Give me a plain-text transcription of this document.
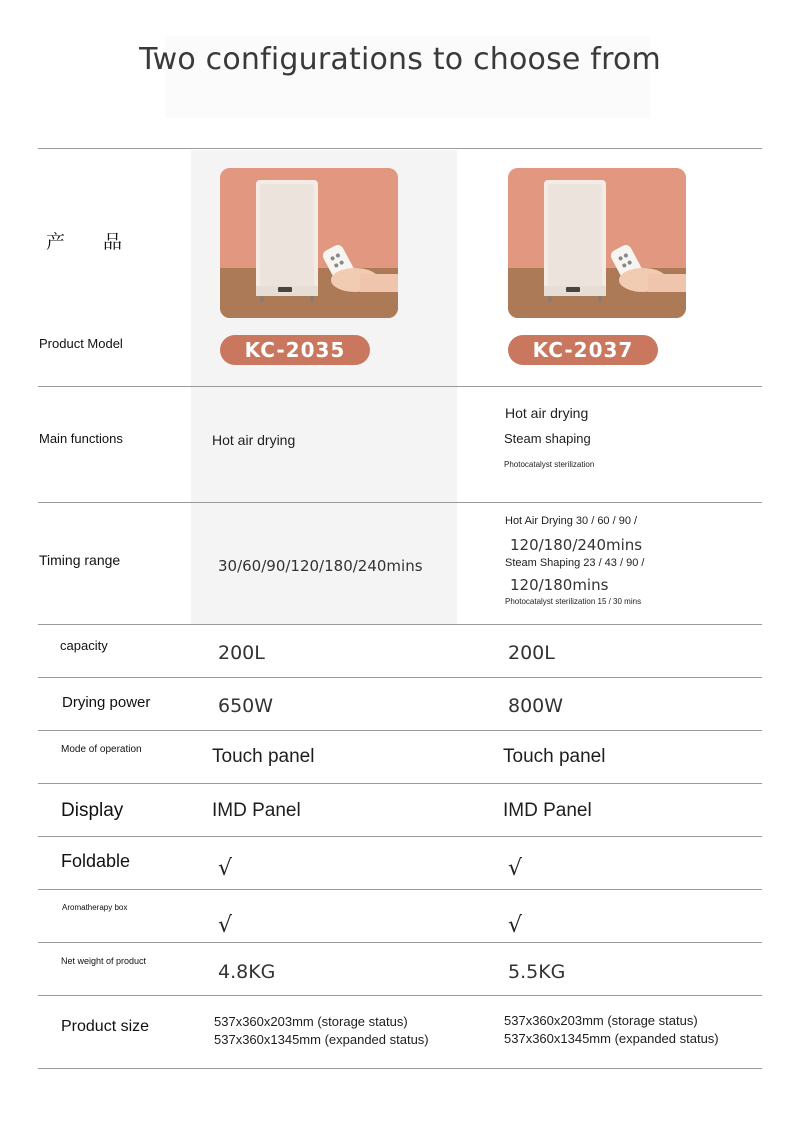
Two configurations to choose from
产　　品
Product Model
Main functions
Timing range
capacity
Drying power
Mode of operation
Display
Foldable
Aromatherapy box
Net weight of product
Product size
KC-2035	KC-2037
Hot air drying
30/60/90/120/180/240mins
200L
650W
Touch panel
IMD Panel
√
√
4.8KG
537x360x203mm (storage status)
537x360x1345mm (expanded status)
Hot air drying
Steam shaping
Photocatalyst sterilization
Hot Air Drying 30 / 60 / 90 /
120/180/240mins
Steam Shaping 23 / 43 / 90 /
120/180mins
Photocatalyst sterilization 15 / 30 mins
200L
800W
Touch panel
IMD Panel
√
√
5.5KG
537x360x203mm (storage status)
537x360x1345mm (expanded status)
